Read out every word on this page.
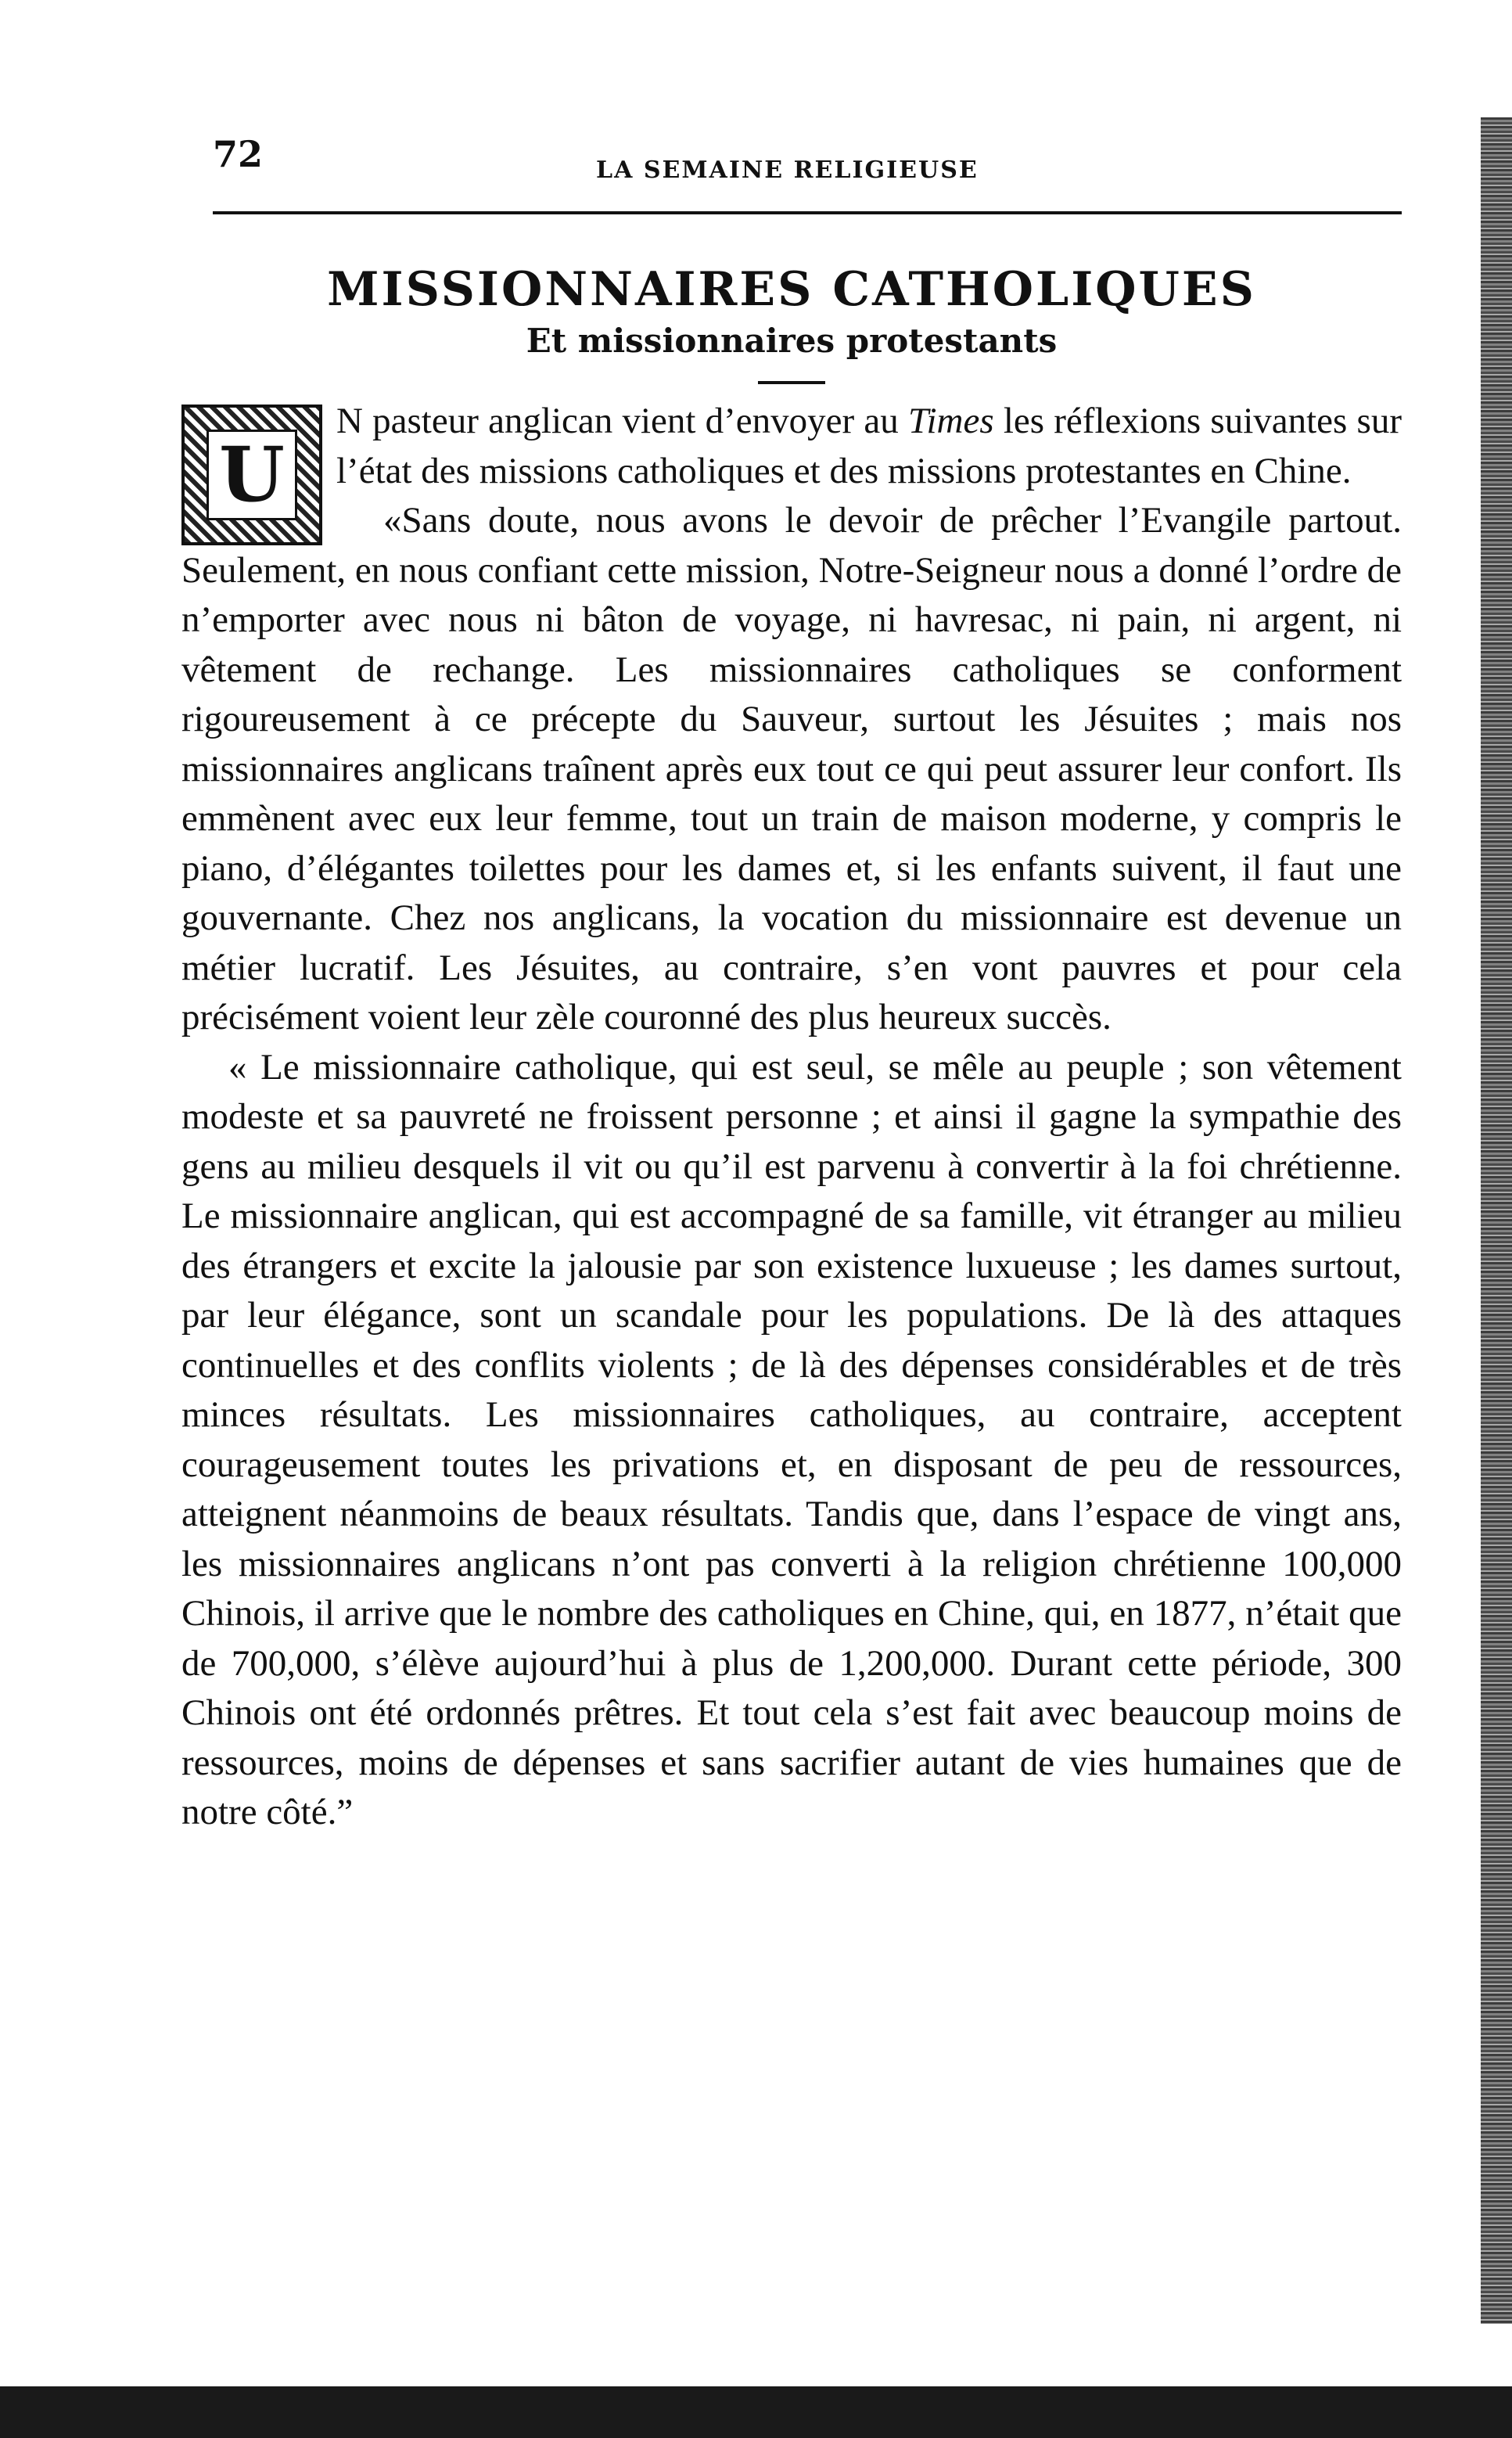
72	LA SEMAINE RELIGIEUSE
MISSIONNAIRES CATHOLIQUES
Et missionnaires protestants

U
N pasteur anglican vient d’envoyer au Times les réflexions suivantes sur l’état des missions catholiques et des missions protestantes en Chine.

«Sans doute, nous avons le devoir de prêcher l’Evangile partout. Seulement, en nous confiant cette mission, Notre-Seigneur nous a donné l’ordre de n’emporter avec nous ni bâton de voyage, ni havresac, ni pain, ni argent, ni vêtement de rechange. Les missionnaires catholiques se conforment rigoureusement à ce précepte du Sauveur, surtout les Jésuites ; mais nos missionnaires anglicans traînent après eux tout ce qui peut assurer leur confort. Ils emmènent avec eux leur femme, tout un train de maison moderne, y compris le piano, d’élégantes toilettes pour les dames et, si les enfants suivent, il faut une gouvernante. Chez nos anglicans, la vocation du missionnaire est devenue un métier lucratif. Les Jésuites, au contraire, s’en vont pauvres et pour cela précisément voient leur zèle couronné des plus heureux succès.

« Le missionnaire catholique, qui est seul, se mêle au peuple ; son vêtement modeste et sa pauvreté ne froissent personne ; et ainsi il gagne la sympathie des gens au milieu desquels il vit ou qu’il est parvenu à convertir à la foi chrétienne. Le missionnaire anglican, qui est accompagné de sa famille, vit étranger au milieu des étrangers et excite la jalousie par son existence luxueuse ; les dames surtout, par leur élégance, sont un scandale pour les populations. De là des attaques continuelles et des conflits violents ; de là des dépenses considérables et de très minces résultats. Les missionnaires catholiques, au contraire, acceptent courageusement toutes les privations et, en disposant de peu de ressources, atteignent néanmoins de beaux résultats. Tandis que, dans l’espace de vingt ans, les missionnaires anglicans n’ont pas converti à la religion chrétienne 100,000 Chinois, il arrive que le nombre des catholiques en Chine, qui, en 1877, n’était que de 700,000, s’élève aujourd’hui à plus de 1,200,000. Durant cette période, 300 Chinois ont été ordonnés prêtres. Et tout cela s’est fait avec beaucoup moins de ressources, moins de dépenses et sans sacrifier autant de vies humaines que de notre côté.”
